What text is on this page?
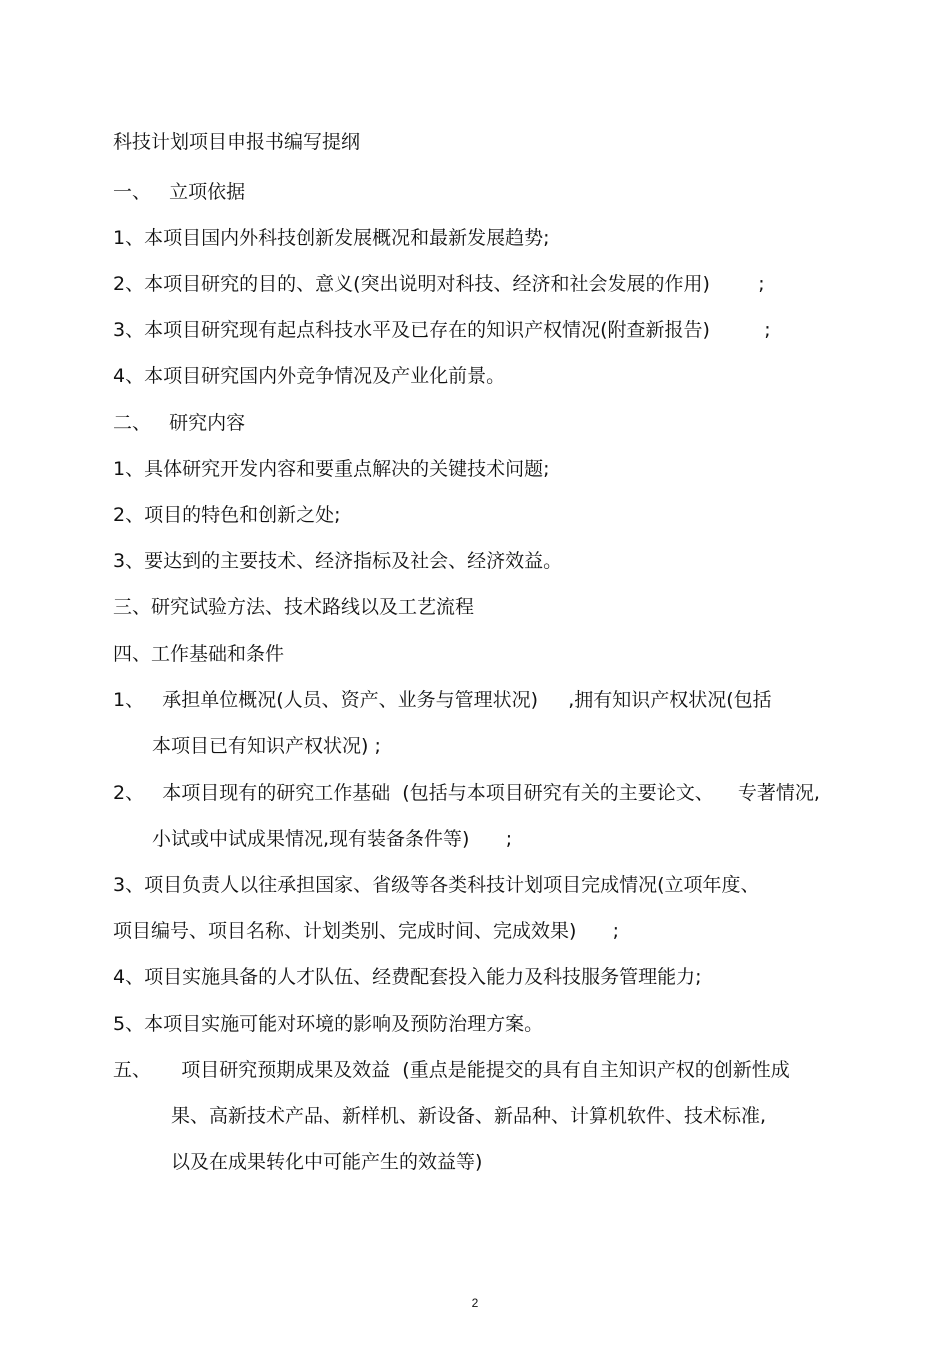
科技计划项目申报书编写提纲
一、   立项依据
1、本项目国内外科技创新发展概况和最新发展趋势;
2、本项目研究的目的、意义(突出说明对科技、经济和社会发展的作用)        ;
3、本项目研究现有起点科技水平及已存在的知识产权情况(附查新报告)         ;
4、本项目研究国内外竞争情况及产业化前景。
二、   研究内容
1、具体研究开发内容和要重点解决的关键技术问题;
2、项目的特色和创新之处;
3、要达到的主要技术、经济指标及社会、经济效益。
三、研究试验方法、技术路线以及工艺流程
四、工作基础和条件
1、   承担单位概况(人员、资产、业务与管理状况)     ,拥有知识产权状况(包括
本项目已有知识产权状况) ;
2、   本项目现有的研究工作基础  (包括与本项目研究有关的主要论文、    专著情况,
小试或中试成果情况,现有装备条件等)      ;
3、项目负责人以往承担国家、省级等各类科技计划项目完成情况(立项年度、
项目编号、项目名称、计划类别、完成时间、完成效果)      ;
4、项目实施具备的人才队伍、经费配套投入能力及科技服务管理能力;
5、本项目实施可能对环境的影响及预防治理方案。
五、     项目研究预期成果及效益  (重点是能提交的具有自主知识产权的创新性成
果、高新技术产品、新样机、新设备、新品种、计算机软件、技术标准,
以及在成果转化中可能产生的效益等)
2
